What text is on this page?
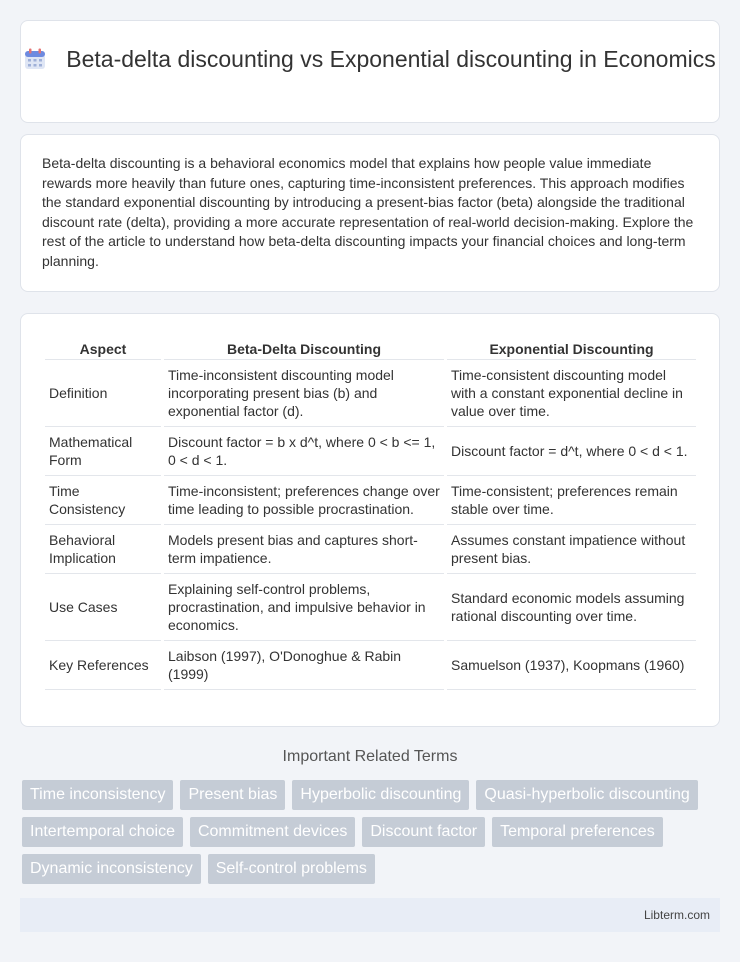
Beta-delta discounting vs Exponential discounting in Economics

Beta-delta discounting is a behavioral economics model that explains how people value immediate rewards more heavily than future ones, capturing time-inconsistent preferences. This approach modifies the standard exponential discounting by introducing a present-bias factor (beta) alongside the traditional discount rate (delta), providing a more accurate representation of real-world decision-making. Explore the rest of the article to understand how beta-delta discounting impacts your financial choices and long-term planning.

Aspect	Beta-Delta Discounting	Exponential Discounting
Definition	Time-inconsistent discounting model incorporating present bias (b) and exponential factor (d).	Time-consistent discounting model with a constant exponential decline in value over time.
Mathematical Form	Discount factor = b x d^t, where 0 < b <= 1, 0 < d < 1.	Discount factor = d^t, where 0 < d < 1.
Time Consistency	Time-inconsistent; preferences change over time leading to possible procrastination.	Time-consistent; preferences remain stable over time.
Behavioral Implication	Models present bias and captures short-term impatience.	Assumes constant impatience without present bias.
Use Cases	Explaining self-control problems, procrastination, and impulsive behavior in economics.	Standard economic models assuming rational discounting over time.
Key References	Laibson (1997), O'Donoghue & Rabin (1999)	Samuelson (1937), Koopmans (1960)
Important Related Terms
Time inconsistency	Present bias	Hyperbolic discounting	Quasi-hyperbolic discounting
Intertemporal choice	Commitment devices	Discount factor	Temporal preferences
Dynamic inconsistency	Self-control problems
Libterm.com
